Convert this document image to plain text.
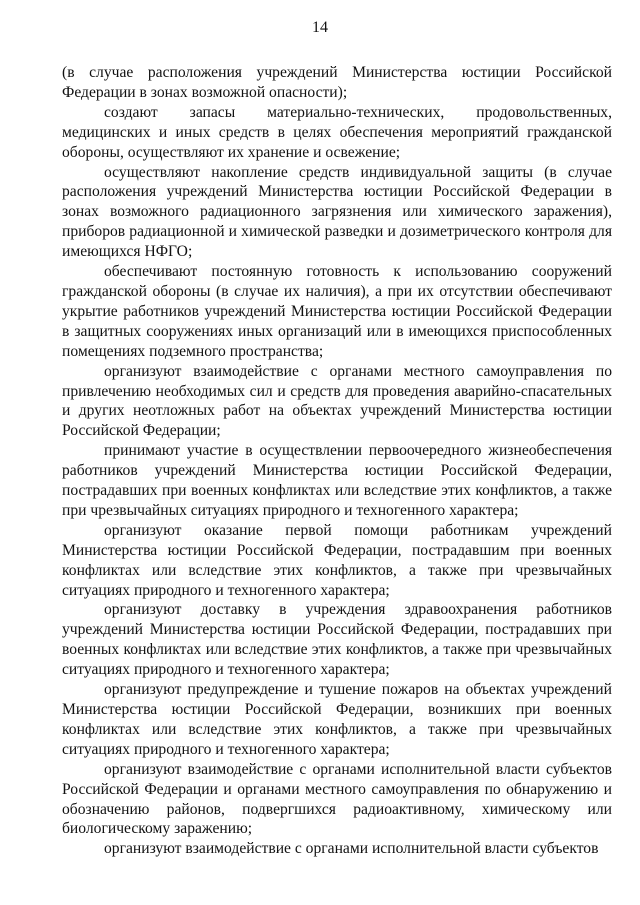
14

(в случае расположения учреждений Министерства юстиции Российской Федерации в зонах возможной опасности);

создают запасы материально-технических, продовольственных, медицинских и иных средств в целях обеспечения мероприятий гражданской обороны, осуществляют их хранение и освежение;

осуществляют накопление средств индивидуальной защиты (в случае расположения учреждений Министерства юстиции Российской Федерации в зонах возможного радиационного загрязнения или химического заражения), приборов радиационной и химической разведки и дозиметрического контроля для имеющихся НФГО;

обеспечивают постоянную готовность к использованию сооружений гражданской обороны (в случае их наличия), а при их отсутствии обеспечивают укрытие работников учреждений Министерства юстиции Российской Федерации в защитных сооружениях иных организаций или в имеющихся приспособленных помещениях подземного пространства;

организуют взаимодействие с органами местного самоуправления по привлечению необходимых сил и средств для проведения аварийно-спасательных и других неотложных работ на объектах учреждений Министерства юстиции Российской Федерации;

принимают участие в осуществлении первоочередного жизнеобеспечения работников учреждений Министерства юстиции Российской Федерации, пострадавших при военных конфликтах или вследствие этих конфликтов, а также при чрезвычайных ситуациях природного и техногенного характера;

организуют оказание первой помощи работникам учреждений Министерства юстиции Российской Федерации, пострадавшим при военных конфликтах или вследствие этих конфликтов, а также при чрезвычайных ситуациях природного и техногенного характера;

организуют доставку в учреждения здравоохранения работников учреждений Министерства юстиции Российской Федерации, пострадавших при военных конфликтах или вследствие этих конфликтов, а также при чрезвычайных ситуациях природного и техногенного характера;

организуют предупреждение и тушение пожаров на объектах учреждений Министерства юстиции Российской Федерации, возникших при военных конфликтах или вследствие этих конфликтов, а также при чрезвычайных ситуациях природного и техногенного характера;

организуют взаимодействие с органами исполнительной власти субъектов Российской Федерации и органами местного самоуправления по обнаружению и обозначению районов, подвергшихся радиоактивному, химическому или биологическому заражению;

организуют взаимодействие с органами исполнительной власти субъектов
